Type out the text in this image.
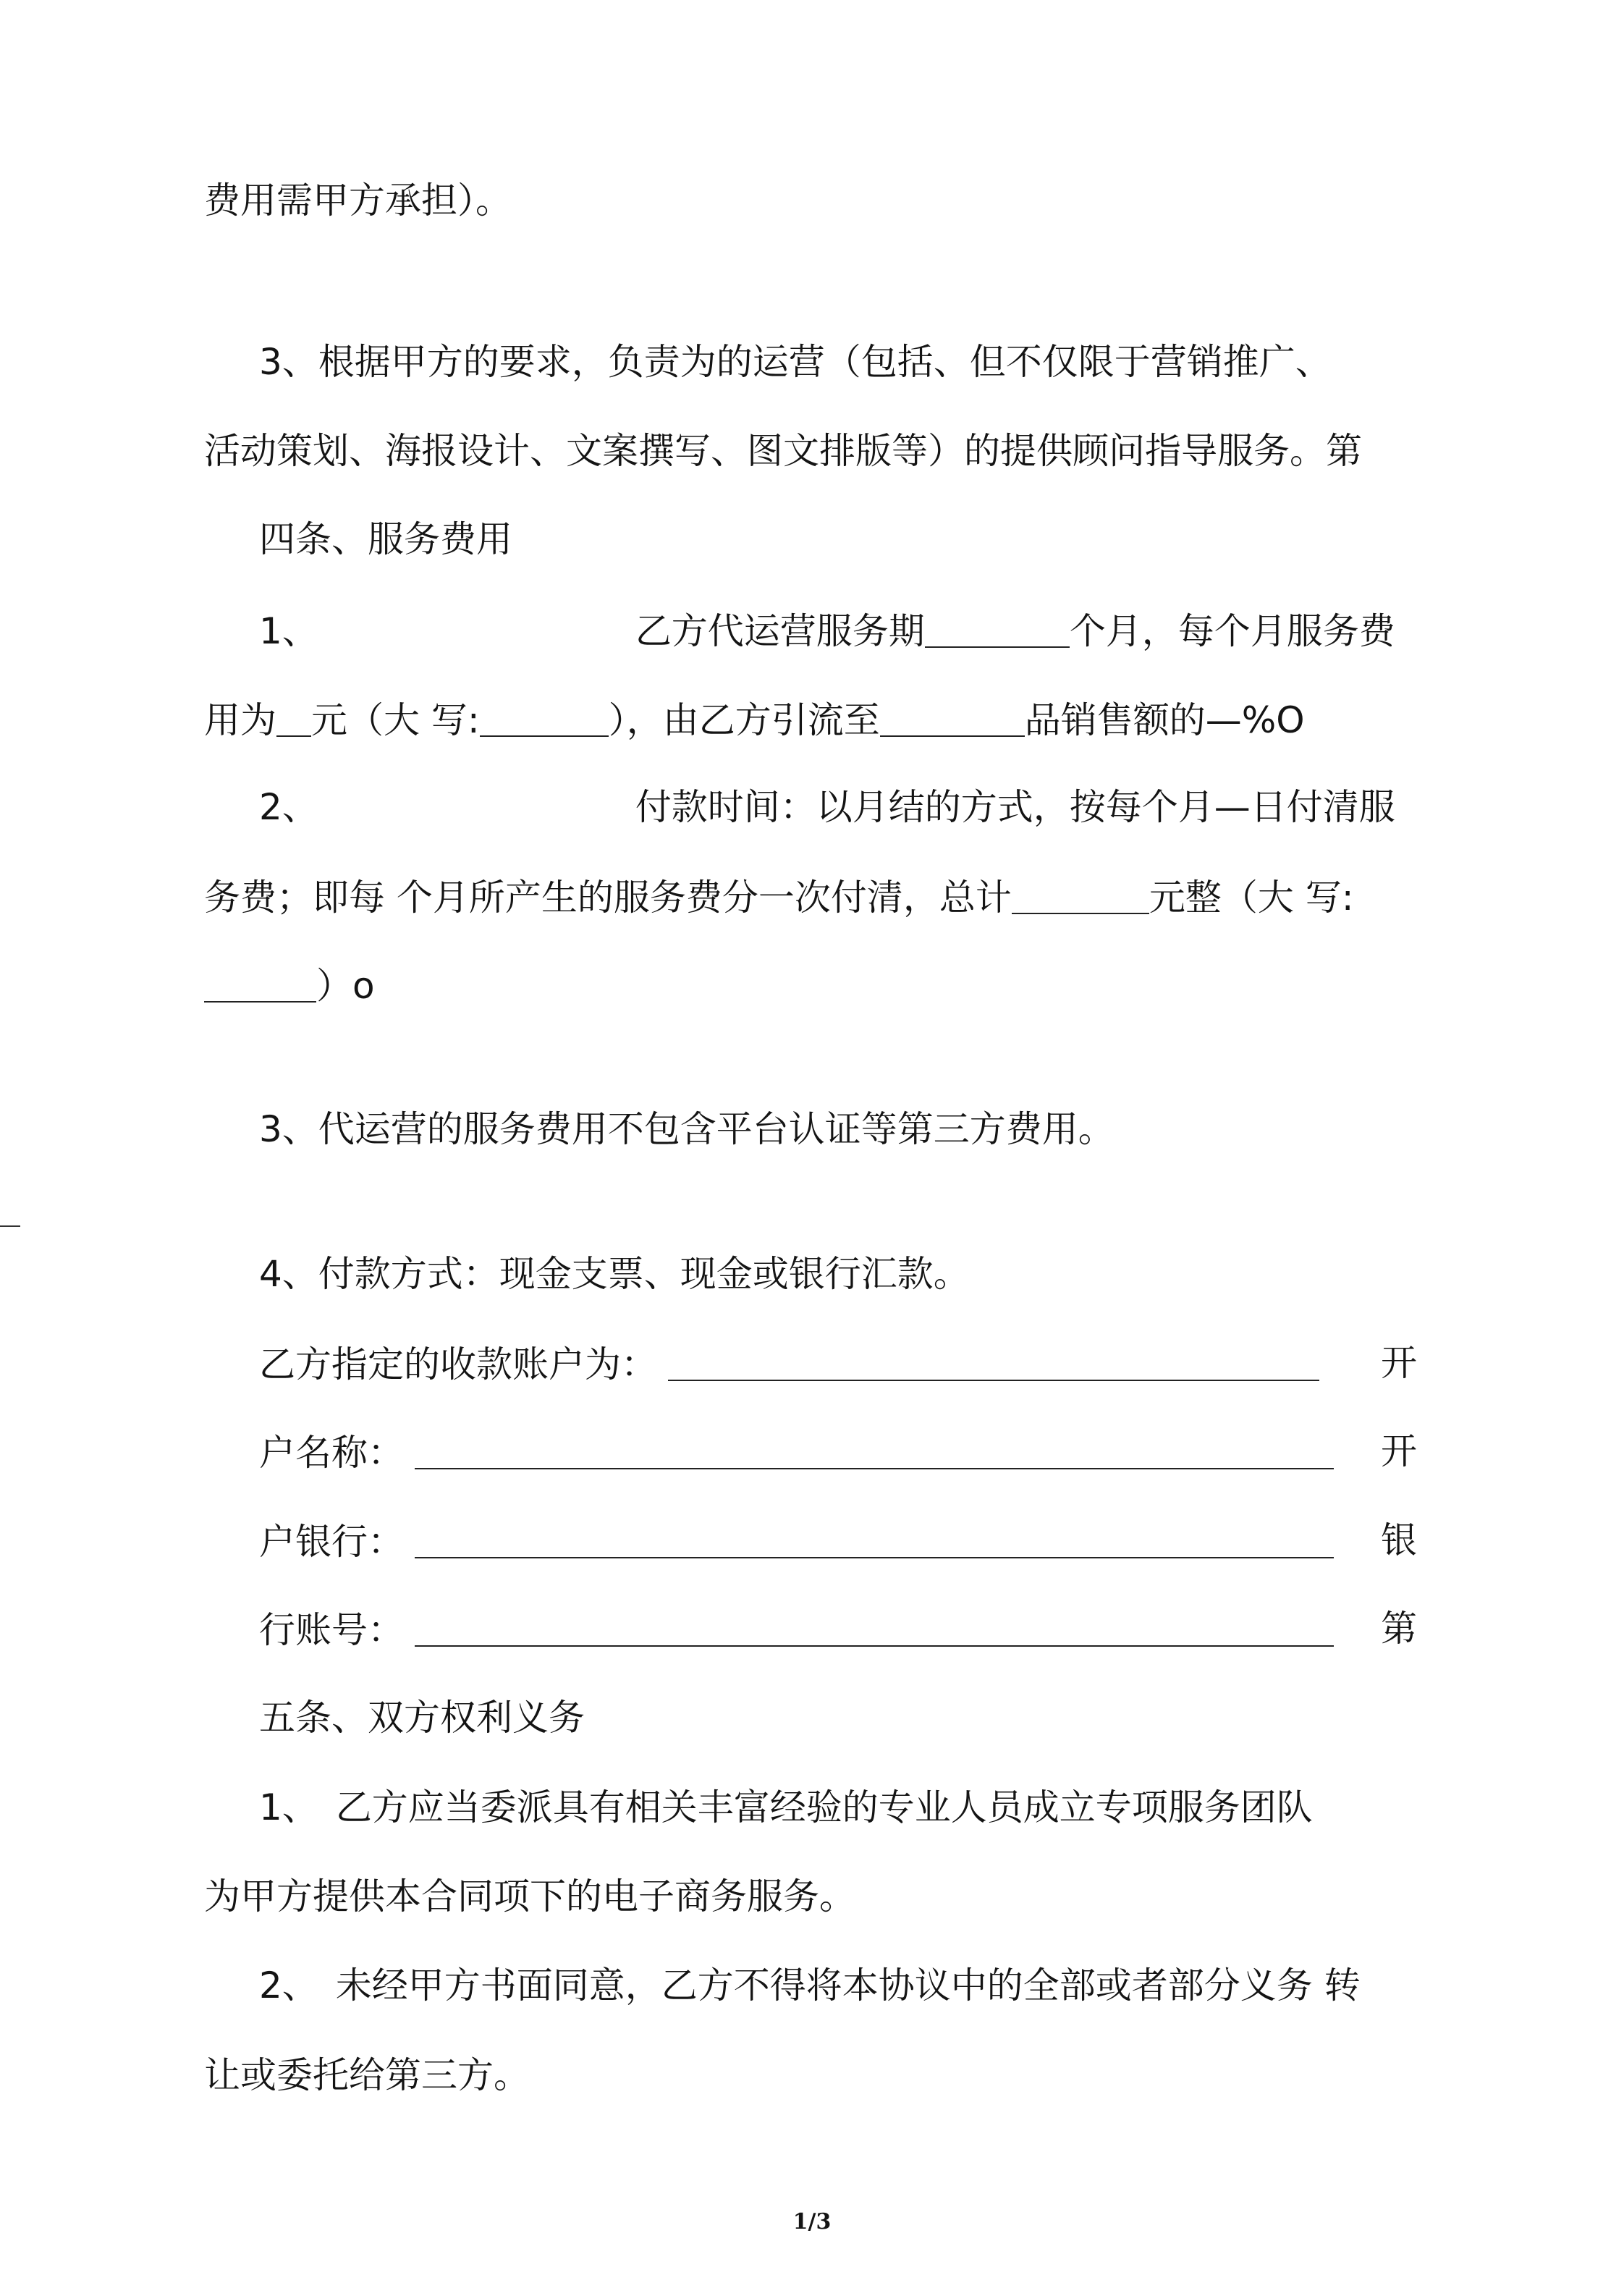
费用需甲方承担）。
3、根据甲方的要求，负责为的运营（包括、但不仅限于营销推广、
活动策划、海报设计、文案撰写、图文排版等）的提供顾问指导服务。第
四条、服务费用
1、	乙方代运营服务期	个月，每个月服务费
用为 元（大 写:	），由乙方引流至	品销售额的—%O
2、	付款时间：以月结的方式，按每个月—日付清服
务费；即每 个月所产生的服务费分一次付清，总计	元整（大 写:
）o
3、代运营的服务费用不包含平台认证等第三方费用。
4、付款方式：现金支票、现金或银行汇款。
乙方指定的收款账户为：	开
户名称：	开
户银行：	银
行账号：	第
五条、双方权利义务
1、 乙方应当委派具有相关丰富经验的专业人员成立专项服务团队
为甲方提供本合同项下的电子商务服务。
2、 未经甲方书面同意，乙方不得将本协议中的全部或者部分义务 转
让或委托给第三方。
1/3
